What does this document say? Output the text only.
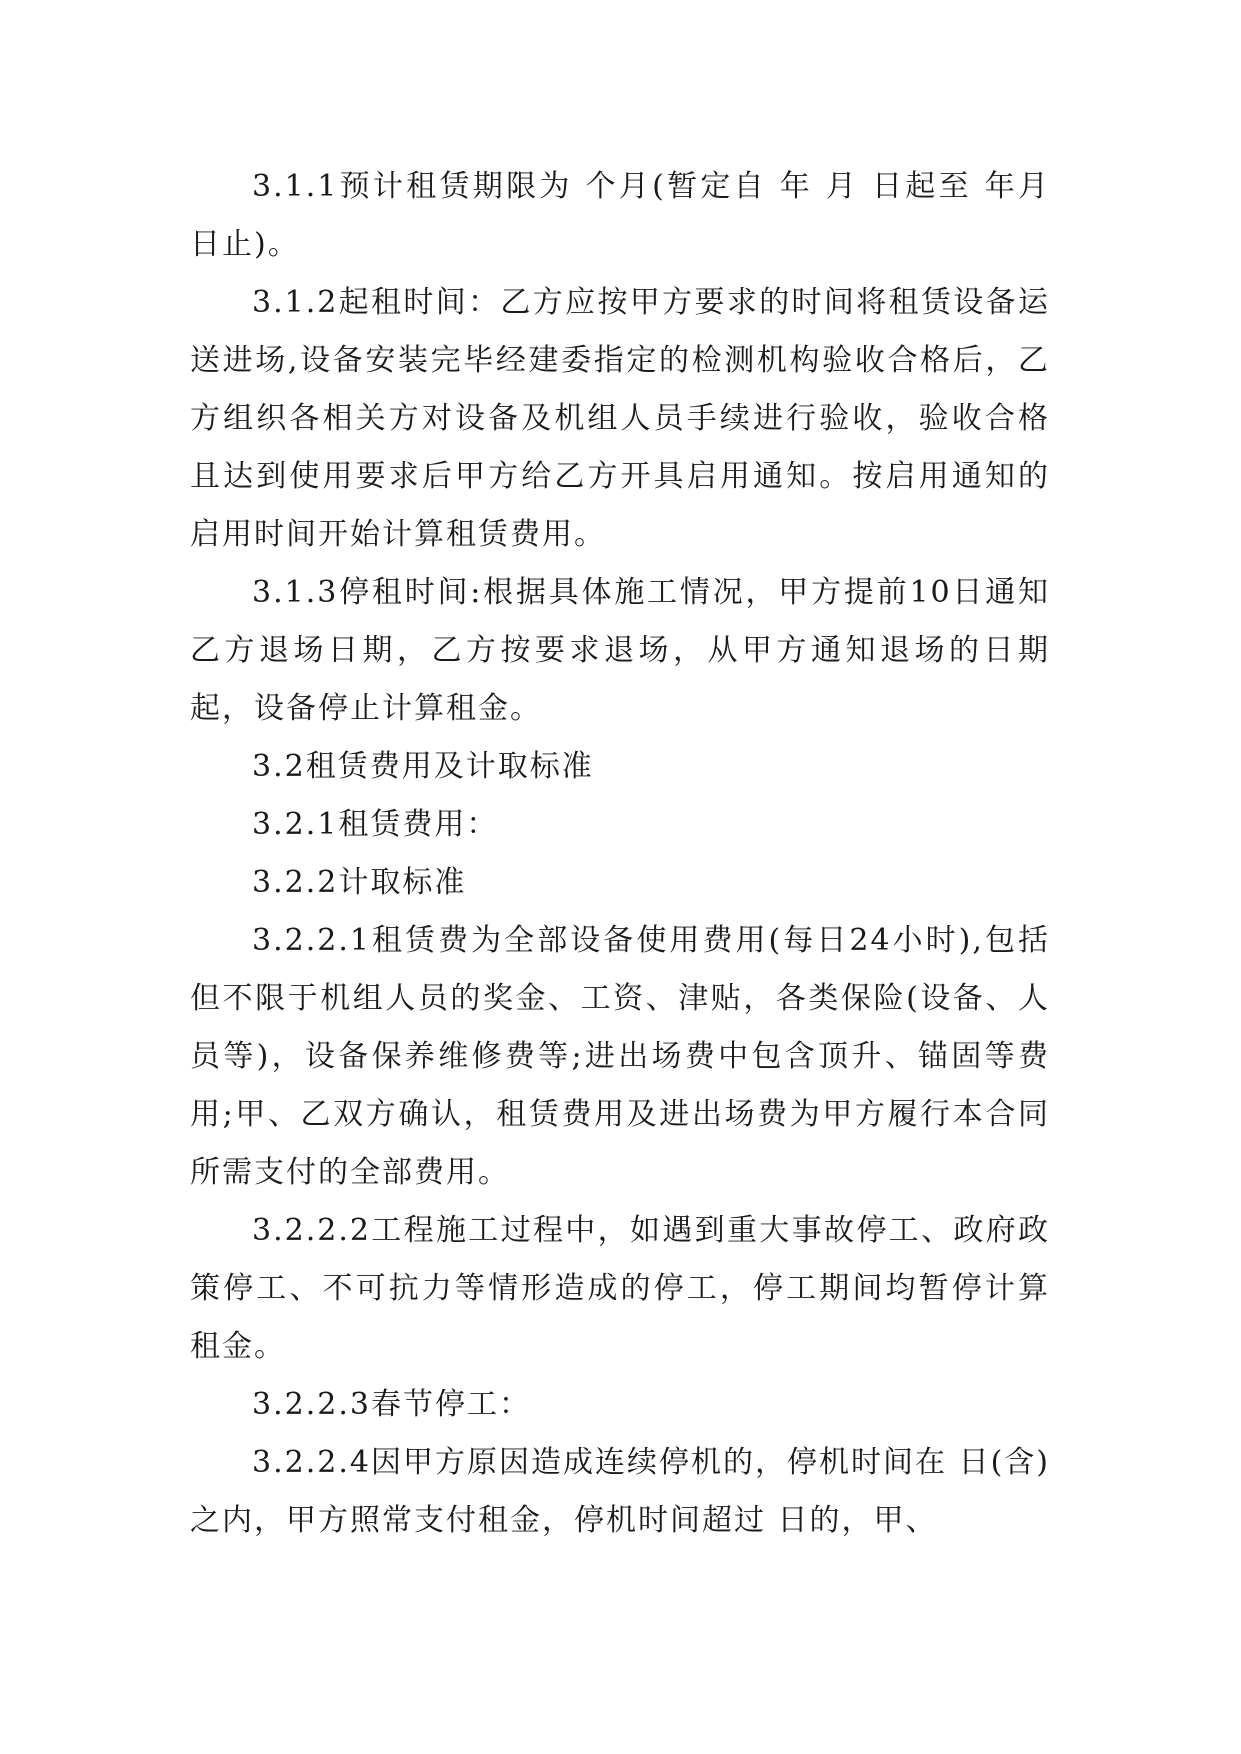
3.1.1预计租赁期限为 个月(暂定自 年 月 日起至 年月 日止)。

3.1.2起租时间：乙方应按甲方要求的时间将租赁设备运送进场,设备安装完毕经建委指定的检测机构验收合格后，乙方组织各相关方对设备及机组人员手续进行验收，验收合格且达到使用要求后甲方给乙方开具启用通知。按启用通知的启用时间开始计算租赁费用。

3.1.3停租时间:根据具体施工情况，甲方提前10日通知乙方退场日期，乙方按要求退场，从甲方通知退场的日期起，设备停止计算租金。

3.2租赁费用及计取标准

3.2.1租赁费用：

3.2.2计取标准

3.2.2.1租赁费为全部设备使用费用(每日24小时),包括但不限于机组人员的奖金、工资、津贴，各类保险(设备、人员等)，设备保养维修费等;进出场费中包含顶升、锚固等费用;甲、乙双方确认，租赁费用及进出场费为甲方履行本合同所需支付的全部费用。

3.2.2.2工程施工过程中，如遇到重大事故停工、政府政策停工、不可抗力等情形造成的停工，停工期间均暂停计算租金。

3.2.2.3春节停工：

3.2.2.4因甲方原因造成连续停机的，停机时间在 日(含)之内，甲方照常支付租金，停机时间超过 日的，甲、
